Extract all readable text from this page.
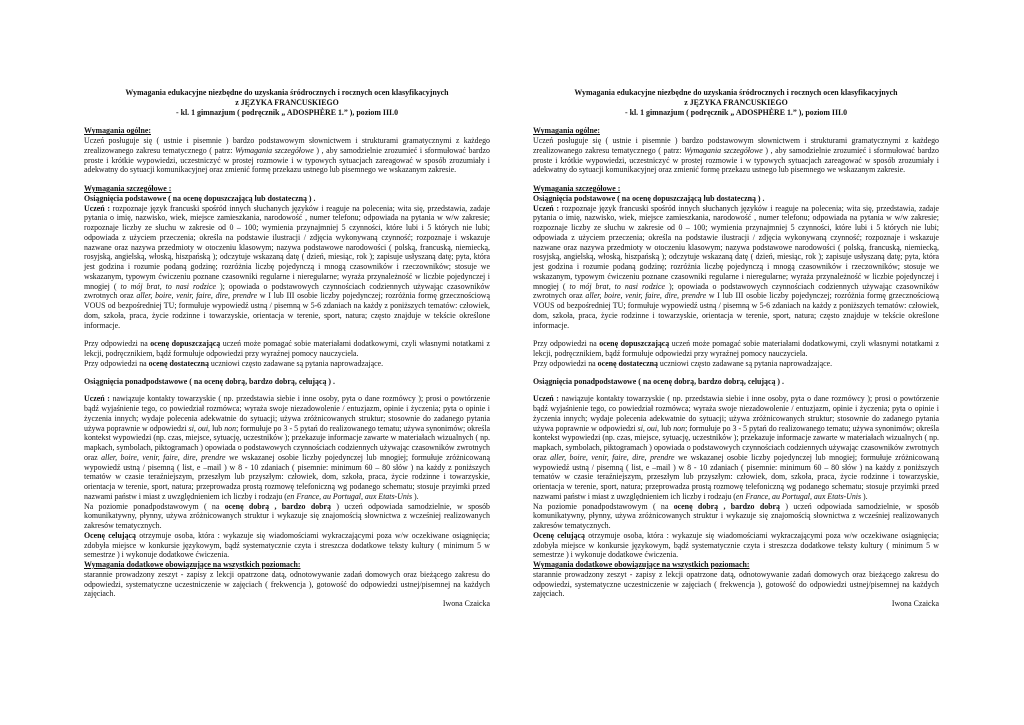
Wymagania edukacyjne niezbędne do uzyskania śródrocznych i rocznych ocen klasyfikacyjnych
z JĘZYKA FRANCUSKIEGO
- kl. 1 gimnazjum ( podręcznik „ ADOSPHÈRE 1.” ), poziom III.0
Wymagania ogólne:

Uczeń posługuje się ( ustnie i pisemnie ) bardzo podstawowym słownictwem i strukturami gramatycznymi z każdego zrealizowanego zakresu tematycznego ( patrz: Wymagania szczegółowe ) , aby samodzielnie zrozumieć i sformułować bardzo proste i krótkie wypowiedzi, uczestniczyć w prostej rozmowie i w typowych sytuacjach zareagować w sposób zrozumiały i adekwatny do sytuacji komunikacyjnej oraz zmienić formę przekazu ustnego lub pisemnego we wskazanym zakresie.

Wymagania szczegółowe :
Osiągnięcia podstawowe ( na ocenę dopuszczającą lub dostateczną ) .

Uczeń : rozpoznaje język francuski spośród innych słuchanych języków i reaguje na polecenia; wita się, przedstawia, zadaje pytania o imię, nazwisko, wiek, miejsce zamieszkania, narodowość , numer telefonu; odpowiada na pytania w w/w zakresie; rozpoznaje liczby ze słuchu w zakresie od 0 – 100; wymienia przynajmniej 5 czynności, które lubi i 5 których nie lubi; odpowiada z użyciem przeczenia; określa na podstawie ilustracji / zdjęcia wykonywaną czynność; rozpoznaje i wskazuje nazwane oraz nazywa przedmioty w otoczeniu klasowym; nazywa podstawowe narodowości ( polską, francuską, niemiecką, rosyjską, angielską, włoską, hiszpańską ); odczytuje wskazaną datę ( dzień, miesiąc, rok ); zapisuje usłyszaną datę; pyta, która jest godzina i rozumie podaną godzinę; rozróżnia liczbę pojedynczą i mnogą czasowników i rzeczowników; stosuje we wskazanym, typowym ćwiczeniu poznane czasowniki regularne i nieregularne; wyraża przynależność w liczbie pojedynczej i mnogiej ( to mój brat, to nasi rodzice ); opowiada o podstawowych czynnościach codziennych używając czasowników zwrotnych oraz aller, boire, venir, faire, dire, prendre w I lub III osobie liczby pojedynczej; rozróżnia formę grzecznościową VOUS od bezpośredniej TU; formułuje wypowiedź ustną / pisemną w 5-6 zdaniach na każdy z poniższych tematów: człowiek, dom, szkoła, praca, życie rodzinne i towarzyskie, orientacja w terenie, sport, natura; często znajduje w tekście określone informacje.

Przy odpowiedzi na ocenę dopuszczającą uczeń może pomagać sobie materiałami dodatkowymi, czyli własnymi notatkami z lekcji, podręcznikiem, bądź formułuje odpowiedzi przy wyraźnej pomocy nauczyciela.

Przy odpowiedzi na ocenę dostateczną uczniowi często zadawane są pytania naprowadzające.

Osiągnięcia ponadpodstawowe ( na ocenę dobrą, bardzo dobrą, celującą ) .

Uczeń : nawiązuje kontakty towarzyskie ( np. przedstawia siebie i inne osoby, pyta o dane rozmówcy ); prosi o powtórzenie bądź wyjaśnienie tego, co powiedział rozmówca; wyraża swoje niezadowolenie / entuzjazm, opinie i życzenia; pyta o opinie i życzenia innych; wydaje polecenia adekwatnie do sytuacji; używa zróżnicowanych struktur; stosownie do zadanego pytania używa poprawnie w odpowiedzi si, oui, lub non; formułuje po 3 - 5 pytań do realizowanego tematu; używa synonimów; określa kontekst wypowiedzi (np. czas, miejsce, sytuację, uczestników ); przekazuje informacje zawarte w materiałach wizualnych ( np. mapkach, symbolach, piktogramach ) opowiada o podstawowych czynnościach codziennych używając czasowników zwrotnych oraz aller, boire, venir, faire, dire, prendre we wskazanej osobie liczby pojedynczej lub mnogiej; formułuje zróżnicowaną wypowiedź ustną / pisemną ( list, e –mail ) w 8 - 10 zdaniach ( pisemnie: minimum 60 – 80 słów ) na każdy z poniższych tematów w czasie teraźniejszym, przeszłym lub przyszłym: człowiek, dom, szkoła, praca, życie rodzinne i towarzyskie, orientacja w terenie, sport, natura; przeprowadza prostą rozmowę telefoniczną wg podanego schematu; stosuje przyimki przed nazwami państw i miast z uwzględnieniem ich liczby i rodzaju (en France, au Portugal, aux Etats-Unis ).

Na poziomie ponadpodstawowym ( na ocenę dobrą , bardzo dobrą ) uczeń odpowiada samodzielnie, w sposób komunikatywny, płynny, używa zróżnicowanych struktur i wykazuje się znajomością słownictwa z wcześniej realizowanych zakresów tematycznych.

Ocenę celującą otrzymuje osoba, która : wykazuje się wiadomościami wykraczającymi poza w/w oczekiwane osiągnięcia; zdobyła miejsce w konkursie językowym, bądź systematycznie czyta i streszcza dodatkowe teksty kultury ( minimum 5 w semestrze ) i wykonuje dodatkowe ćwiczenia.

Wymagania dodatkowe obowiązujące na wszystkich poziomach:

starannie prowadzony zeszyt - zapisy z lekcji opatrzone datą, odnotowywanie zadań domowych oraz bieżącego zakresu do odpowiedzi, systematyczne uczestniczenie w zajęciach ( frekwencja ), gotowość do odpowiedzi ustnej/pisemnej na każdych zajęciach.

Iwona Czaicka
Wymagania edukacyjne niezbędne do uzyskania śródrocznych i rocznych ocen klasyfikacyjnych
z JĘZYKA FRANCUSKIEGO
- kl. 1 gimnazjum ( podręcznik „ ADOSPHÈRE 1.” ), poziom III.0
Wymagania ogólne:

Uczeń posługuje się ( ustnie i pisemnie ) bardzo podstawowym słownictwem i strukturami gramatycznymi z każdego zrealizowanego zakresu tematycznego ( patrz: Wymagania szczegółowe ) , aby samodzielnie zrozumieć i sformułować bardzo proste i krótkie wypowiedzi, uczestniczyć w prostej rozmowie i w typowych sytuacjach zareagować w sposób zrozumiały i adekwatny do sytuacji komunikacyjnej oraz zmienić formę przekazu ustnego lub pisemnego we wskazanym zakresie.

Wymagania szczegółowe :
Osiągnięcia podstawowe ( na ocenę dopuszczającą lub dostateczną ) .

Uczeń : rozpoznaje język francuski spośród innych słuchanych języków i reaguje na polecenia; wita się, przedstawia, zadaje pytania o imię, nazwisko, wiek, miejsce zamieszkania, narodowość , numer telefonu; odpowiada na pytania w w/w zakresie; rozpoznaje liczby ze słuchu w zakresie od 0 – 100; wymienia przynajmniej 5 czynności, które lubi i 5 których nie lubi; odpowiada z użyciem przeczenia; określa na podstawie ilustracji / zdjęcia wykonywaną czynność; rozpoznaje i wskazuje nazwane oraz nazywa przedmioty w otoczeniu klasowym; nazywa podstawowe narodowości ( polską, francuską, niemiecką, rosyjską, angielską, włoską, hiszpańską ); odczytuje wskazaną datę ( dzień, miesiąc, rok ); zapisuje usłyszaną datę; pyta, która jest godzina i rozumie podaną godzinę; rozróżnia liczbę pojedynczą i mnogą czasowników i rzeczowników; stosuje we wskazanym, typowym ćwiczeniu poznane czasowniki regularne i nieregularne; wyraża przynależność w liczbie pojedynczej i mnogiej ( to mój brat, to nasi rodzice ); opowiada o podstawowych czynnościach codziennych używając czasowników zwrotnych oraz aller, boire, venir, faire, dire, prendre w I lub III osobie liczby pojedynczej; rozróżnia formę grzecznościową VOUS od bezpośredniej TU; formułuje wypowiedź ustną / pisemną w 5-6 zdaniach na każdy z poniższych tematów: człowiek, dom, szkoła, praca, życie rodzinne i towarzyskie, orientacja w terenie, sport, natura; często znajduje w tekście określone informacje.

Przy odpowiedzi na ocenę dopuszczającą uczeń może pomagać sobie materiałami dodatkowymi, czyli własnymi notatkami z lekcji, podręcznikiem, bądź formułuje odpowiedzi przy wyraźnej pomocy nauczyciela.

Przy odpowiedzi na ocenę dostateczną uczniowi często zadawane są pytania naprowadzające.

Osiągnięcia ponadpodstawowe ( na ocenę dobrą, bardzo dobrą, celującą ) .

Uczeń : nawiązuje kontakty towarzyskie ( np. przedstawia siebie i inne osoby, pyta o dane rozmówcy ); prosi o powtórzenie bądź wyjaśnienie tego, co powiedział rozmówca; wyraża swoje niezadowolenie / entuzjazm, opinie i życzenia; pyta o opinie i życzenia innych; wydaje polecenia adekwatnie do sytuacji; używa zróżnicowanych struktur; stosownie do zadanego pytania używa poprawnie w odpowiedzi si, oui, lub non; formułuje po 3 - 5 pytań do realizowanego tematu; używa synonimów; określa kontekst wypowiedzi (np. czas, miejsce, sytuację, uczestników ); przekazuje informacje zawarte w materiałach wizualnych ( np. mapkach, symbolach, piktogramach ) opowiada o podstawowych czynnościach codziennych używając czasowników zwrotnych oraz aller, boire, venir, faire, dire, prendre we wskazanej osobie liczby pojedynczej lub mnogiej; formułuje zróżnicowaną wypowiedź ustną / pisemną ( list, e –mail ) w 8 - 10 zdaniach ( pisemnie: minimum 60 – 80 słów ) na każdy z poniższych tematów w czasie teraźniejszym, przeszłym lub przyszłym: człowiek, dom, szkoła, praca, życie rodzinne i towarzyskie, orientacja w terenie, sport, natura; przeprowadza prostą rozmowę telefoniczną wg podanego schematu; stosuje przyimki przed nazwami państw i miast z uwzględnieniem ich liczby i rodzaju (en France, au Portugal, aux Etats-Unis ).

Na poziomie ponadpodstawowym ( na ocenę dobrą , bardzo dobrą ) uczeń odpowiada samodzielnie, w sposób komunikatywny, płynny, używa zróżnicowanych struktur i wykazuje się znajomością słownictwa z wcześniej realizowanych zakresów tematycznych.

Ocenę celującą otrzymuje osoba, która : wykazuje się wiadomościami wykraczającymi poza w/w oczekiwane osiągnięcia; zdobyła miejsce w konkursie językowym, bądź systematycznie czyta i streszcza dodatkowe teksty kultury ( minimum 5 w semestrze ) i wykonuje dodatkowe ćwiczenia.

Wymagania dodatkowe obowiązujące na wszystkich poziomach:

starannie prowadzony zeszyt - zapisy z lekcji opatrzone datą, odnotowywanie zadań domowych oraz bieżącego zakresu do odpowiedzi, systematyczne uczestniczenie w zajęciach ( frekwencja ), gotowość do odpowiedzi ustnej/pisemnej na każdych zajęciach.

Iwona Czaicka
